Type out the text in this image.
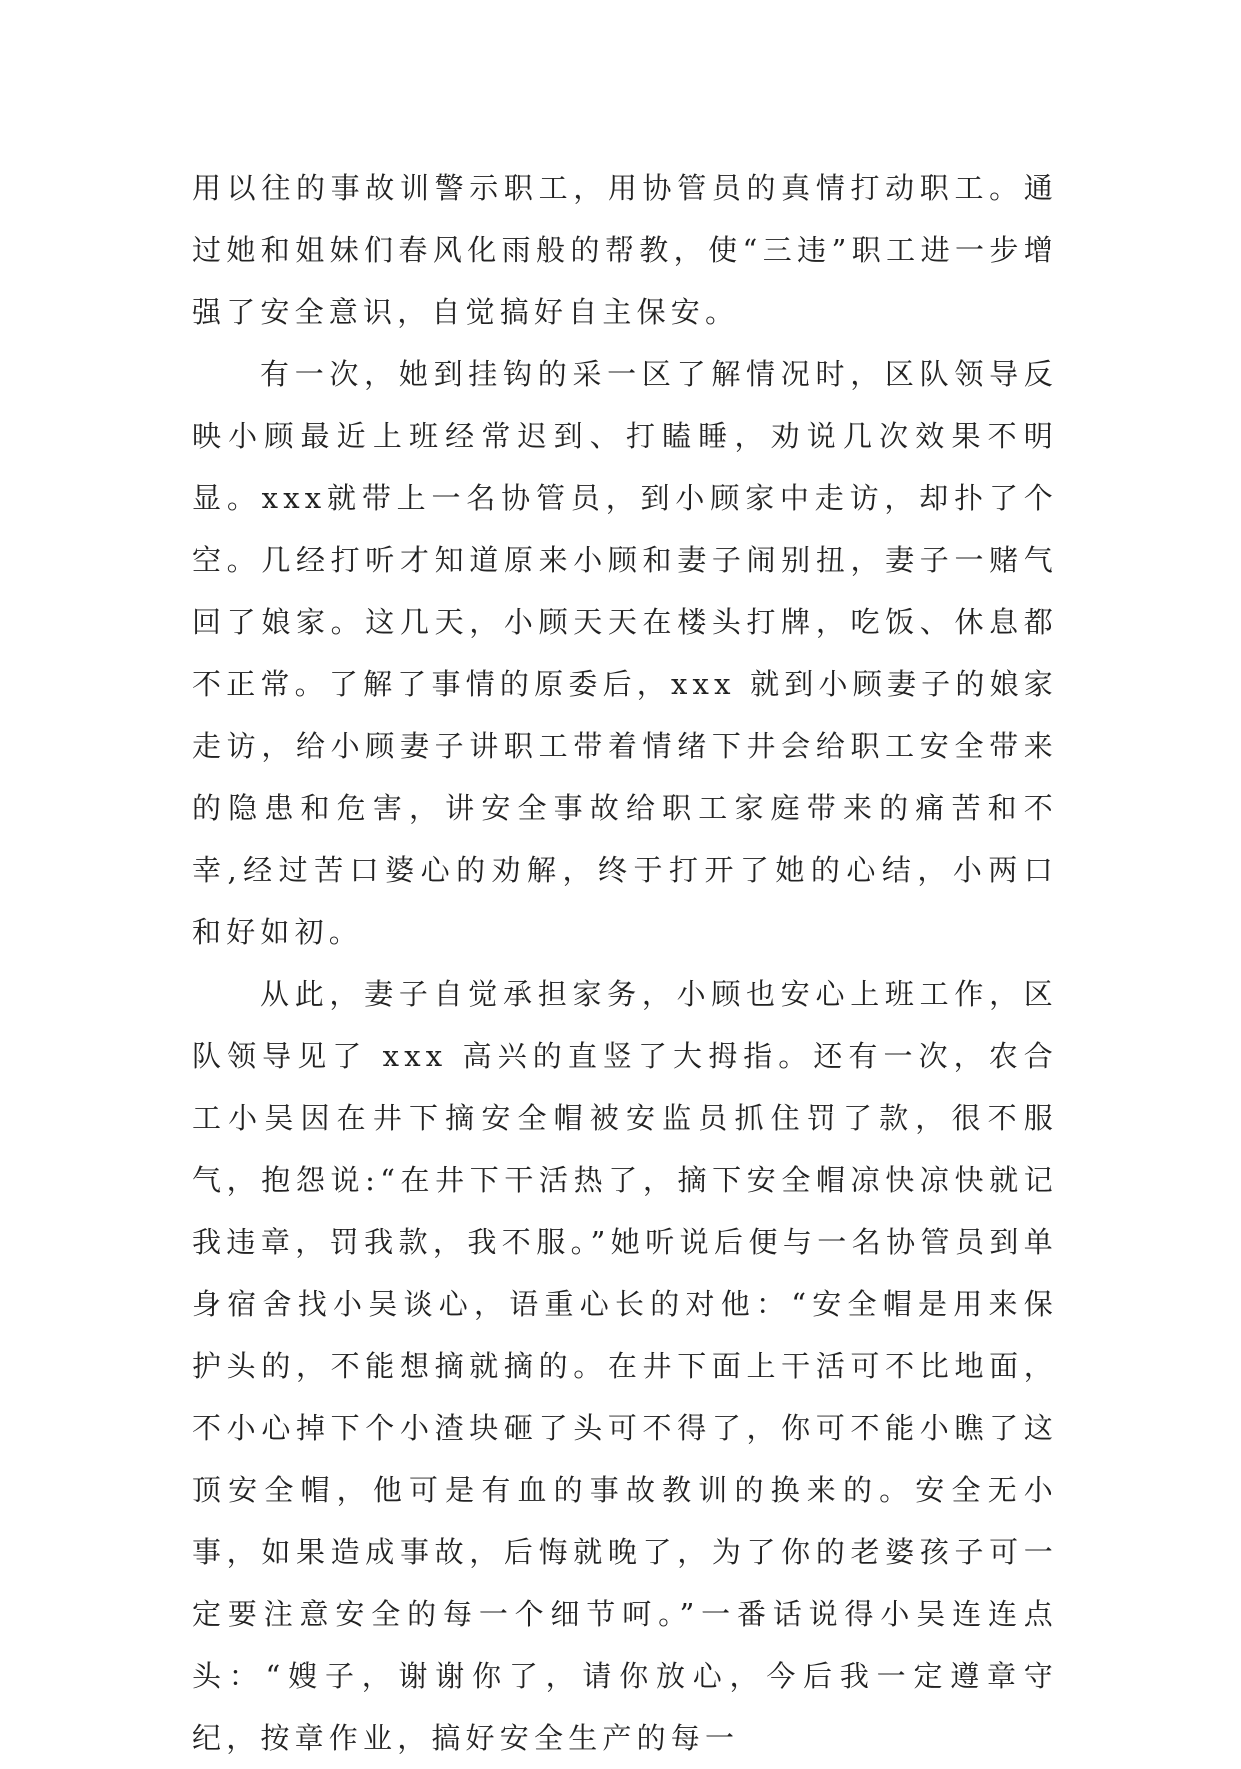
用以往的事故训警示职工，用协管员的真情打动职工。通过她和姐妹们春风化雨般的帮教，使“三违”职工进一步增强了安全意识，自觉搞好自主保安。

有一次，她到挂钩的采一区了解情况时，区队领导反映小顾最近上班经常迟到、打瞌睡，劝说几次效果不明显。xxx就带上一名协管员，到小顾家中走访，却扑了个空。几经打听才知道原来小顾和妻子闹别扭，妻子一赌气回了娘家。这几天，小顾天天在楼头打牌，吃饭、休息都不正常。了解了事情的原委后，xxx 就到小顾妻子的娘家走访，给小顾妻子讲职工带着情绪下井会给职工安全带来的隐患和危害，讲安全事故给职工家庭带来的痛苦和不幸,经过苦口婆心的劝解，终于打开了她的心结，小两口和好如初。

从此，妻子自觉承担家务，小顾也安心上班工作，区队领导见了 xxx 高兴的直竖了大拇指。还有一次，农合工小吴因在井下摘安全帽被安监员抓住罚了款，很不服气，抱怨说:“在井下干活热了，摘下安全帽凉快凉快就记我违章，罚我款，我不服。”她听说后便与一名协管员到单身宿舍找小吴谈心，语重心长的对他：“安全帽是用来保护头的，不能想摘就摘的。在井下面上干活可不比地面，不小心掉下个小渣块砸了头可不得了，你可不能小瞧了这顶安全帽，他可是有血的事故教训的换来的。安全无小事，如果造成事故，后悔就晚了，为了你的老婆孩子可一定要注意安全的每一个细节呵。”一番话说得小吴连连点头：“嫂子，谢谢你了，请你放心，今后我一定遵章守纪，按章作业，搞好安全生产的每一
